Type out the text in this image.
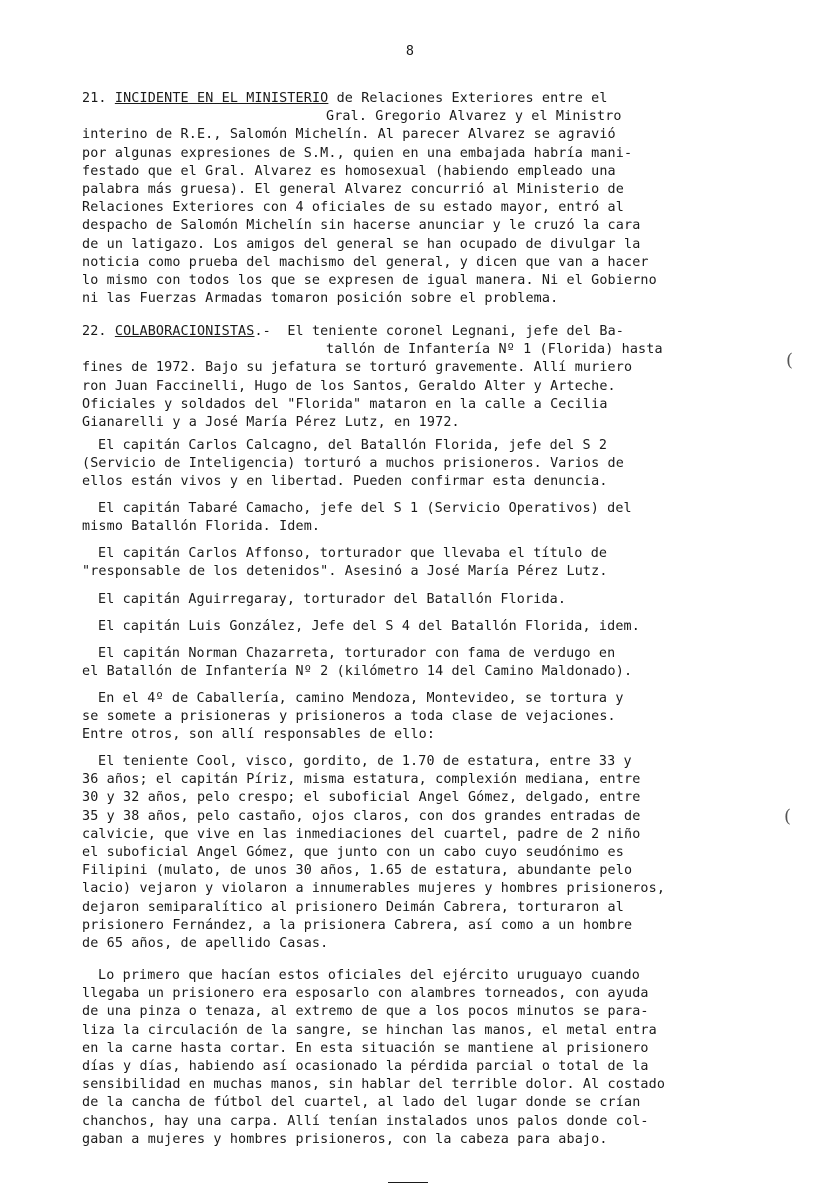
8
21. INCIDENTE EN EL MINISTERIO de Relaciones Exteriores entre el
Gral. Gregorio Alvarez y el Ministro
interino de R.E., Salomón Michelín. Al parecer Alvarez se agravió
por algunas expresiones de S.M., quien en una embajada habría mani-
festado que el Gral. Alvarez es homosexual (habiendo empleado una
palabra más gruesa). El general Alvarez concurrió al Ministerio de
Relaciones Exteriores con 4 oficiales de su estado mayor, entró al
despacho de Salomón Michelín sin hacerse anunciar y le cruzó la cara
de un latigazo. Los amigos del general se han ocupado de divulgar la
noticia como prueba del machismo del general, y dicen que van a hacer
lo mismo con todos los que se expresen de igual manera. Ni el Gobierno
ni las Fuerzas Armadas tomaron posición sobre el problema.
22. COLABORACIONISTAS.-  El teniente coronel Legnani, jefe del Ba-
tallón de Infantería Nº 1 (Florida) hasta
fines de 1972. Bajo su jefatura se torturó gravemente. Allí muriero
ron Juan Faccinelli, Hugo de los Santos, Geraldo Alter y Arteche.
Oficiales y soldados del "Florida" mataron en la calle a Cecilia
Gianarelli y a José María Pérez Lutz, en 1972.
El capitán Carlos Calcagno, del Batallón Florida, jefe del S 2
(Servicio de Inteligencia) torturó a muchos prisioneros. Varios de
ellos están vivos y en libertad. Pueden confirmar esta denuncia.
El capitán Tabaré Camacho, jefe del S 1 (Servicio Operativos) del
mismo Batallón Florida. Idem.
El capitán Carlos Affonso, torturador que llevaba el título de
"responsable de los detenidos". Asesinó a José María Pérez Lutz.
El capitán Aguirregaray, torturador del Batallón Florida.
El capitán Luis González, Jefe del S 4 del Batallón Florida, idem.
El capitán Norman Chazarreta, torturador con fama de verdugo en
el Batallón de Infantería Nº 2 (kilómetro 14 del Camino Maldonado).
En el 4º de Caballería, camino Mendoza, Montevideo, se tortura y
se somete a prisioneras y prisioneros a toda clase de vejaciones.
Entre otros, son allí responsables de ello:
El teniente Cool, visco, gordito, de 1.70 de estatura, entre 33 y
36 años; el capitán Píriz, misma estatura, complexión mediana, entre
30 y 32 años, pelo crespo; el suboficial Angel Gómez, delgado, entre
35 y 38 años, pelo castaño, ojos claros, con dos grandes entradas de
calvicie, que vive en las inmediaciones del cuartel, padre de 2 niño
el suboficial Angel Gómez, que junto con un cabo cuyo seudónimo es
Filipini (mulato, de unos 30 años, 1.65 de estatura, abundante pelo
lacio) vejaron y violaron a innumerables mujeres y hombres prisioneros,
dejaron semiparalítico al prisionero Deimán Cabrera, torturaron al
prisionero Fernández, a la prisionera Cabrera, así como a un hombre
de 65 años, de apellido Casas.
Lo primero que hacían estos oficiales del ejército uruguayo cuando
llegaba un prisionero era esposarlo con alambres torneados, con ayuda
de una pinza o tenaza, al extremo de que a los pocos minutos se para-
liza la circulación de la sangre, se hinchan las manos, el metal entra
en la carne hasta cortar. En esta situación se mantiene al prisionero
días y días, habiendo así ocasionado la pérdida parcial o total de la
sensibilidad en muchas manos, sin hablar del terrible dolor. Al costado
de la cancha de fútbol del cuartel, al lado del lugar donde se crían
chanchos, hay una carpa. Allí tenían instalados unos palos donde col-
gaban a mujeres y hombres prisioneros, con la cabeza para abajo.
(
(
